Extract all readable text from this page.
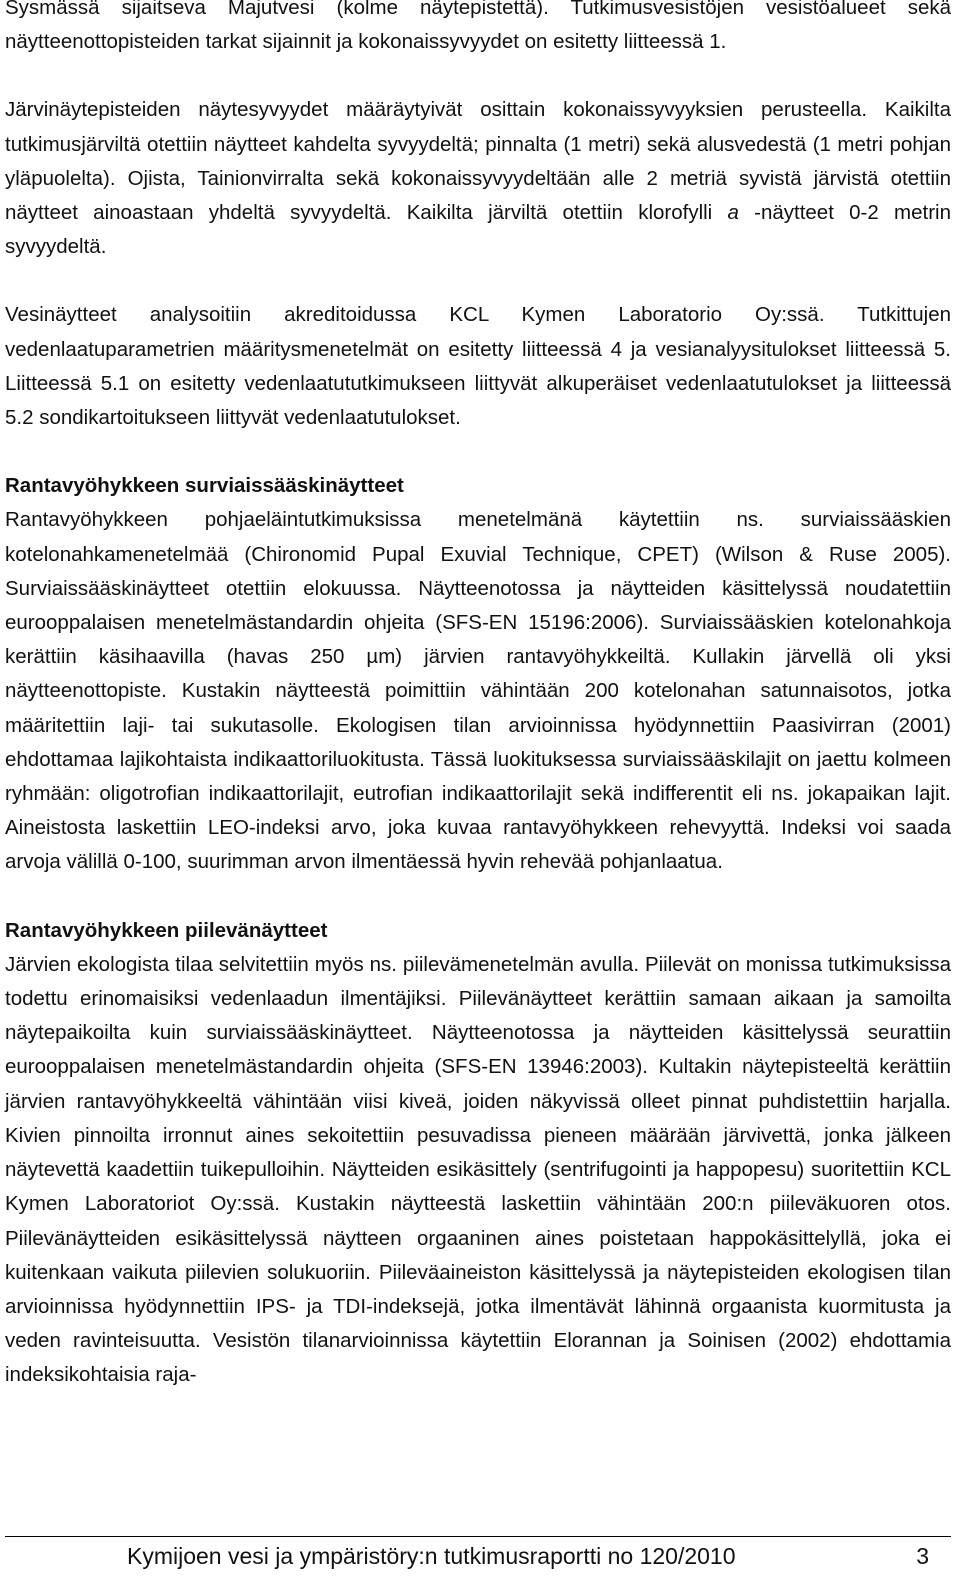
Sysmässä sijaitseva Majutvesi (kolme näytepistettä). Tutkimusvesistöjen vesistöalueet sekä näytteenottopisteiden tarkat sijainnit ja kokonaissyvyydet on esitetty liitteessä 1.

Järvinäytepisteiden näytesyvyydet määräytyivät osittain kokonaissyvyyksien perusteella. Kaikilta tutkimusjärviltä otettiin näytteet kahdelta syvyydeltä; pinnalta (1 metri) sekä alusvedestä (1 metri pohjan yläpuolelta). Ojista, Tainionvirralta sekä kokonaissyvyydeltään alle 2 metriä syvistä järvistä otettiin näytteet ainoastaan yhdeltä syvyydeltä. Kaikilta järviltä otettiin klorofylli a -näytteet 0-2 metrin syvyydeltä.

Vesinäytteet analysoitiin akreditoidussa KCL Kymen Laboratorio Oy:ssä. Tutkittujen vedenlaatuparametrien määritysmenetelmät on esitetty liitteessä 4 ja vesianalyysitulokset liitteessä 5. Liitteessä 5.1 on esitetty vedenlaatututkimukseen liittyvät alkuperäiset vedenlaatutulokset ja liitteessä 5.2 sondikartoitukseen liittyvät vedenlaatutulokset.

Rantavyöhykkeen surviaissääskinäytteet

Rantavyöhykkeen pohjaeläintutkimuksissa menetelmänä käytettiin ns. surviaissääskien kotelonahkamenetelmää (Chironomid Pupal Exuvial Technique, CPET) (Wilson & Ruse 2005). Surviaissääskinäytteet otettiin elokuussa. Näytteenotossa ja näytteiden käsittelyssä noudatettiin eurooppalaisen menetelmästandardin ohjeita (SFS-EN 15196:2006). Surviaissääskien kotelonahkoja kerättiin käsihaavilla (havas 250 µm) järvien rantavyöhykkeiltä. Kullakin järvellä oli yksi näytteenottopiste. Kustakin näytteestä poimittiin vähintään 200 kotelonahan satunnaisotos, jotka määritettiin laji- tai sukutasolle. Ekologisen tilan arvioinnissa hyödynnettiin Paasivirran (2001) ehdottamaa lajikohtaista indikaattoriluokitusta. Tässä luokituksessa surviaissääskilajit on jaettu kolmeen ryhmään: oligotrofian indikaattorilajit, eutrofian indikaattorilajit sekä indifferentit eli ns. jokapaikan lajit. Aineistosta laskettiin LEO-indeksi arvo, joka kuvaa rantavyöhykkeen rehevyyttä. Indeksi voi saada arvoja välillä 0-100, suurimman arvon ilmentäessä hyvin rehevää pohjanlaatua.

Rantavyöhykkeen piilevänäytteet

Järvien ekologista tilaa selvitettiin myös ns. piilevämenetelmän avulla. Piilevät on monissa tutkimuksissa todettu erinomaisiksi vedenlaadun ilmentäjiksi. Piilevänäytteet kerättiin samaan aikaan ja samoilta näytepaikoilta kuin surviaissääskinäytteet. Näytteenotossa ja näytteiden käsittelyssä seurattiin eurooppalaisen menetelmästandardin ohjeita (SFS-EN 13946:2003). Kultakin näytepisteeltä kerättiin järvien rantavyöhykkeeltä vähintään viisi kiveä, joiden näkyvissä olleet pinnat puhdistettiin harjalla. Kivien pinnoilta irronnut aines sekoitettiin pesuvadissa pieneen määrään järvivettä, jonka jälkeen näytevettä kaadettiin tuikepulloihin. Näytteiden esikäsittely (sentrifugointi ja happopesu) suoritettiin KCL Kymen Laboratoriot Oy:ssä. Kustakin näytteestä laskettiin vähintään 200:n piileväkuoren otos. Piilevänäytteiden esikäsittelyssä näytteen orgaaninen aines poistetaan happokäsittelyllä, joka ei kuitenkaan vaikuta piilevien solukuoriin. Piileväaineiston käsittelyssä ja näytepisteiden ekologisen tilan arvioinnissa hyödynnettiin IPS- ja TDI-indeksejä, jotka ilmentävät lähinnä orgaanista kuormitusta ja veden ravinteisuutta. Vesistön tilanarvioinnissa käytettiin Elorannan ja Soinisen (2002) ehdottamia indeksikohtaisia raja-

Kymijoen vesi ja ympäristöry:n tutkimusraportti no 120/2010	3
